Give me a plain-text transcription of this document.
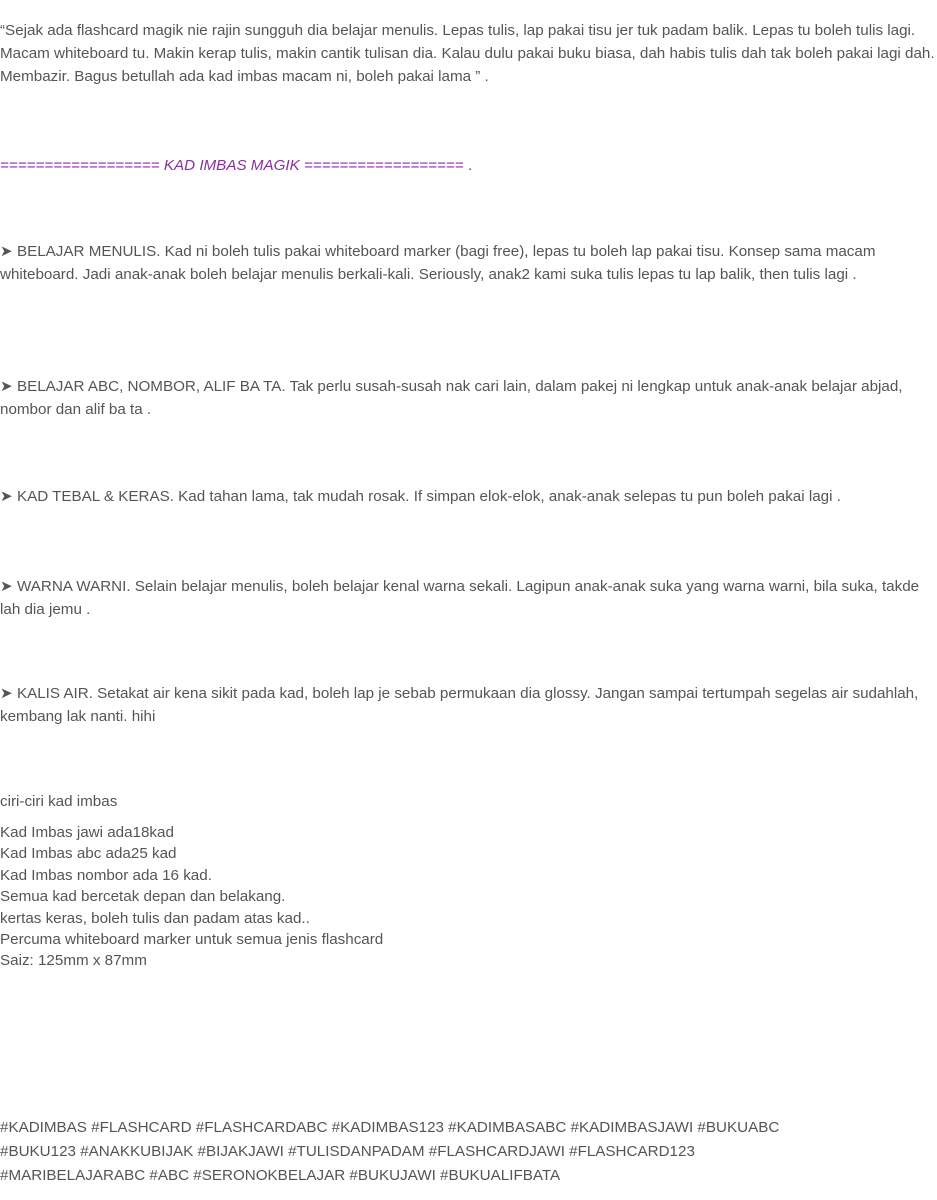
“Sejak ada flashcard magik nie rajin sungguh dia belajar menulis. Lepas tulis, lap pakai tisu jer tuk padam balik. Lepas tu boleh tulis lagi. Macam whiteboard tu. Makin kerap tulis, makin cantik tulisan dia. Kalau dulu pakai buku biasa, dah habis tulis dah tak boleh pakai lagi dah. Membazir. Bagus betullah ada kad imbas macam ni, boleh pakai lama ” .

================== KAD IMBAS MAGIK ================== .

➤ BELAJAR MENULIS. Kad ni boleh tulis pakai whiteboard marker (bagi free), lepas tu boleh lap pakai tisu. Konsep sama macam whiteboard. Jadi anak-anak boleh belajar menulis berkali-kali. Seriously, anak2 kami suka tulis lepas tu lap balik, then tulis lagi .

➤ BELAJAR ABC, NOMBOR, ALIF BA TA. Tak perlu susah-susah nak cari lain, dalam pakej ni lengkap untuk anak-anak belajar abjad, nombor dan alif ba ta .

➤ KAD TEBAL & KERAS. Kad tahan lama, tak mudah rosak. If simpan elok-elok, anak-anak selepas tu pun boleh pakai lagi .

➤ WARNA WARNI. Selain belajar menulis, boleh belajar kenal warna sekali. Lagipun anak-anak suka yang warna warni, bila suka, takde lah dia jemu .

➤ KALIS AIR. Setakat air kena sikit pada kad, boleh lap je sebab permukaan dia glossy. Jangan sampai tertumpah segelas air sudahlah, kembang lak nanti. hihi

ciri-ciri kad imbas

Kad Imbas jawi ada18kad
Kad Imbas abc ada25 kad
Kad Imbas nombor ada 16 kad.
Semua kad bercetak depan dan belakang.
kertas keras, boleh tulis dan padam atas kad..
Percuma whiteboard marker untuk semua jenis flashcard
Saiz: 125mm x 87mm
#KADIMBAS #FLASHCARD #FLASHCARDABC #KADIMBAS123 #KADIMBASABC #KADIMBASJAWI #BUKUABC
#BUKU123 #ANAKKUBIJAK #BIJAKJAWI #TULISDANPADAM #FLASHCARDJAWI #FLASHCARD123
#MARIBELAJARABC #ABC #SERONOKBELAJAR #BUKUJAWI #BUKUALIFBATA
